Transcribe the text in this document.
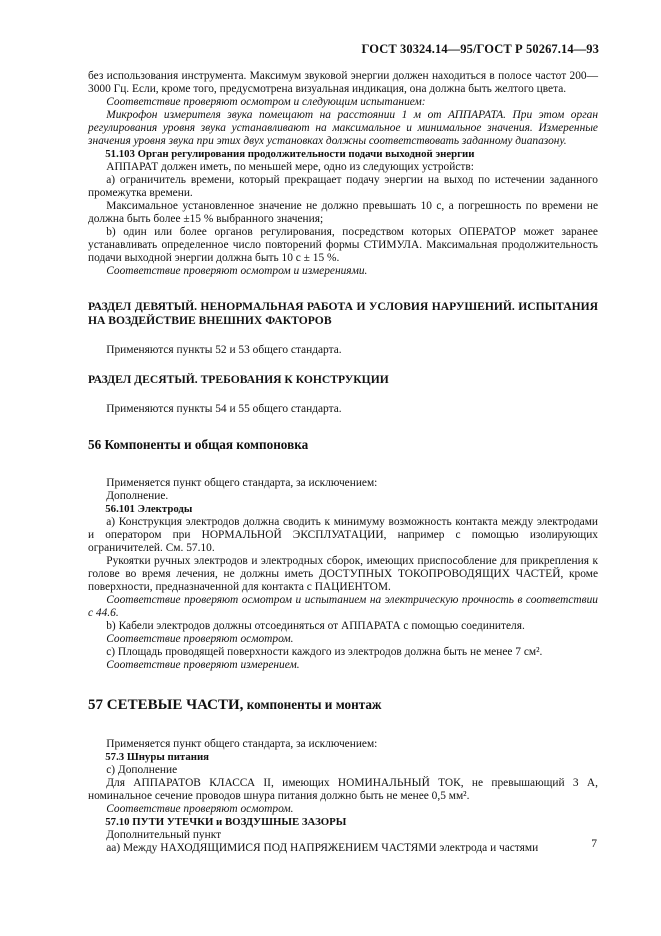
ГОСТ 30324.14—95/ГОСТ Р 50267.14—93

без использования инструмента. Максимум звуковой энергии должен находиться в полосе частот 200—3000 Гц. Если, кроме того, предусмотрена визуальная индикация, она должна быть желтого цвета.

Соответствие проверяют осмотром и следующим испытанием:

Микрофон измерителя звука помещают на расстоянии 1 м от АППАРАТА. При этом орган регулирования уровня звука устанавливают на максимальное и минимальное значения. Измеренные значения уровня звука при этих двух установках должны соответствовать заданному диапазону.

51.103 Орган регулирования продолжительности подачи выходной энергии

АППАРАТ должен иметь, по меньшей мере, одно из следующих устройств:

а) ограничитель времени, который прекращает подачу энергии на выход по истечении заданного промежутка времени.

Максимальное установленное значение не должно превышать 10 с, а погрешность по времени не должна быть более ±15 % выбранного значения;

b) один или более органов регулирования, посредством которых ОПЕРАТОР может заранее устанавливать определенное число повторений формы СТИМУЛА. Максимальная продолжительность подачи выходной энергии должна быть 10 с ± 15 %.

Соответствие проверяют осмотром и измерениями.

РАЗДЕЛ ДЕВЯТЫЙ. НЕНОРМАЛЬНАЯ РАБОТА И УСЛОВИЯ НАРУШЕНИЙ. ИСПЫТАНИЯ НА ВОЗДЕЙСТВИЕ ВНЕШНИХ ФАКТОРОВ

Применяются пункты 52 и 53 общего стандарта.

РАЗДЕЛ ДЕСЯТЫЙ. ТРЕБОВАНИЯ К КОНСТРУКЦИИ

Применяются пункты 54 и 55 общего стандарта.

56 Компоненты и общая компоновка

Применяется пункт общего стандарта, за исключением:

Дополнение.

56.101 Электроды

а) Конструкция электродов должна сводить к минимуму возможность контакта между электродами и оператором при НОРМАЛЬНОЙ ЭКСПЛУАТАЦИИ, например с помощью изолирующих ограничителей. См. 57.10.

Рукоятки ручных электродов и электродных сборок, имеющих приспособление для прикрепления к голове во время лечения, не должны иметь ДОСТУПНЫХ ТОКОПРОВОДЯЩИХ ЧАСТЕЙ, кроме поверхности, предназначенной для контакта с ПАЦИЕНТОМ.

Соответствие проверяют осмотром и испытанием на электрическую прочность в соответствии с 44.6.

b) Кабели электродов должны отсоединяться от АППАРАТА с помощью соединителя.

Соответствие проверяют осмотром.

с) Площадь проводящей поверхности каждого из электродов должна быть не менее 7 см².

Соответствие проверяют измерением.

57 СЕТЕВЫЕ ЧАСТИ, компоненты и монтаж

Применяется пункт общего стандарта, за исключением:

57.3 Шнуры питания

с) Дополнение

Для АППАРАТОВ КЛАССА II, имеющих НОМИНАЛЬНЫЙ ТОК, не превышающий 3 А, номинальное сечение проводов шнура питания должно быть не менее 0,5 мм².

Соответствие проверяют осмотром.

57.10 ПУТИ УТЕЧКИ и ВОЗДУШНЫЕ ЗАЗОРЫ

Дополнительный пункт

аа) Между НАХОДЯЩИМИСЯ ПОД НАПРЯЖЕНИЕМ ЧАСТЯМИ электрода и частями	7
